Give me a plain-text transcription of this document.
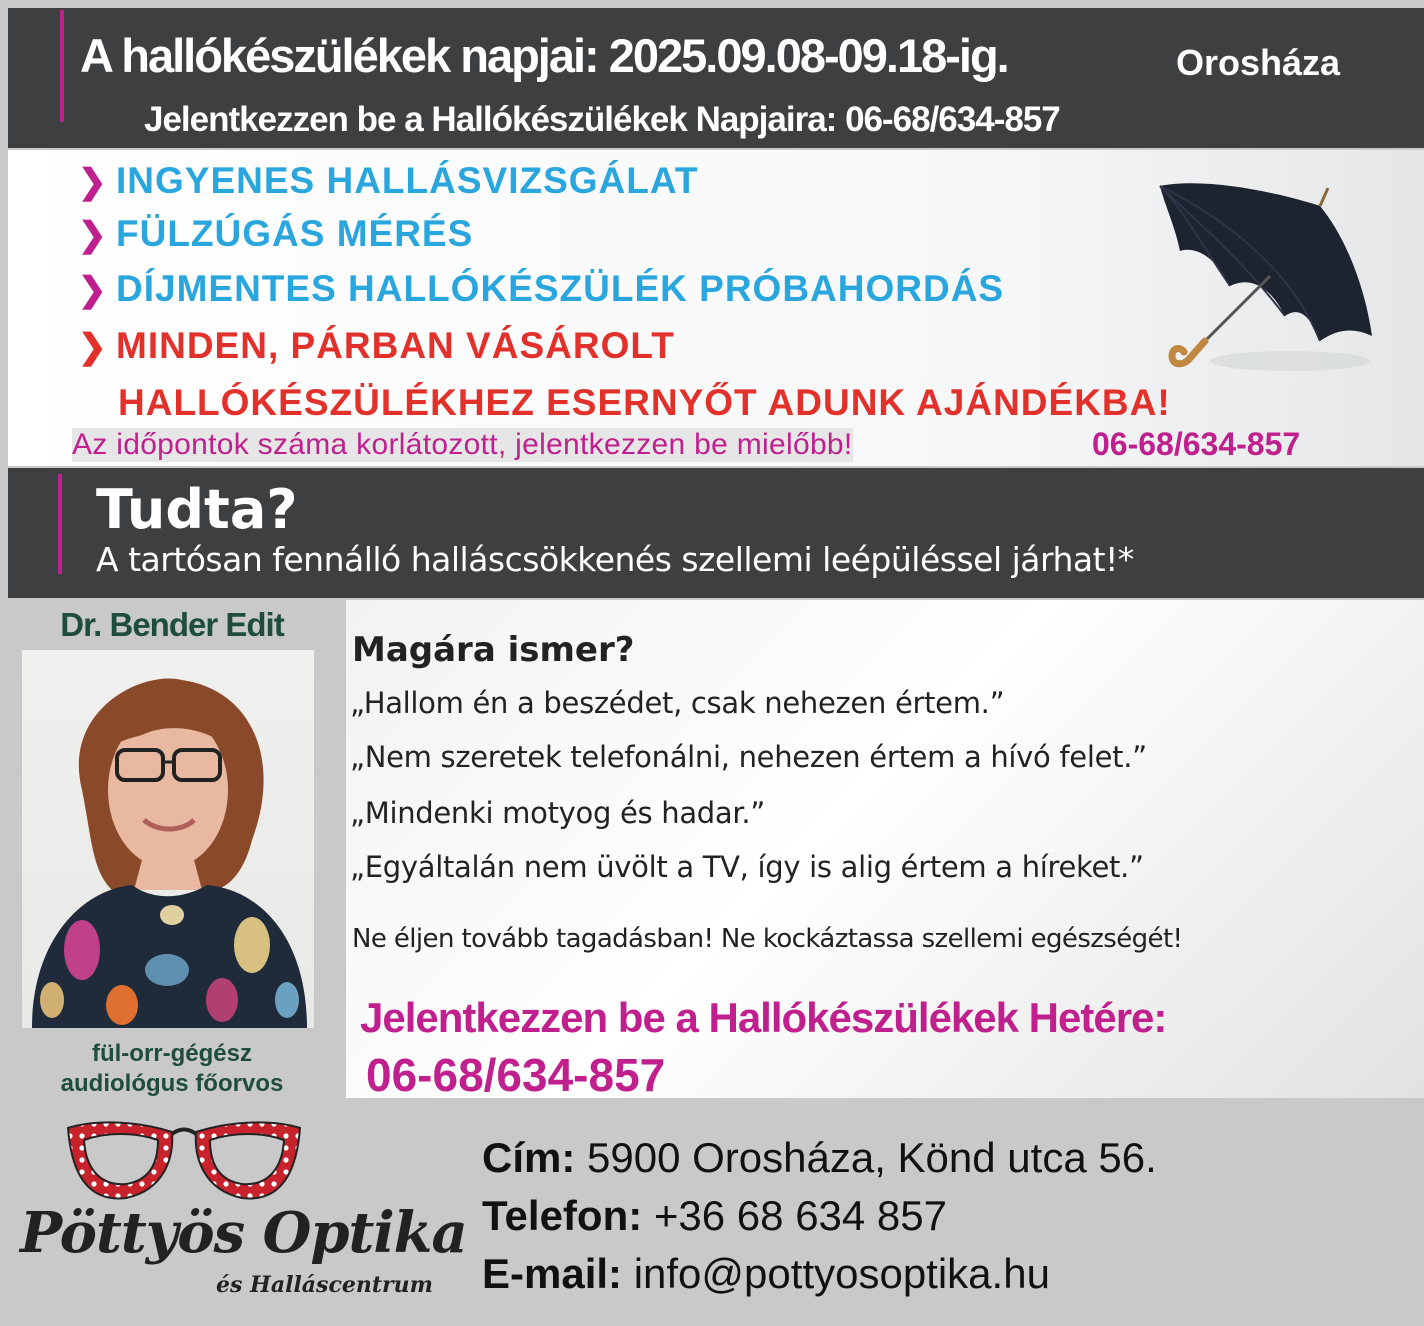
A hallókészülékek napjai: 2025.09.08-09.18-ig.	Orosháza
Jelentkezzen be a Hallókészülékek Napjaira: 06-68/634-857
❯ INGYENES HALLÁSVIZSGÁLAT
❯ FÜLZÚGÁS MÉRÉS
❯ DÍJMENTES HALLÓKÉSZÜLÉK PRÓBAHORDÁS
❯ MINDEN, PÁRBAN VÁSÁROLT
HALLÓKÉSZÜLÉKHEZ ESERNYŐT ADUNK AJÁNDÉKBA!
Az időpontok száma korlátozott, jelentkezzen be mielőbb!	06-68/634-857
Tudta?
A tartósan fennálló halláscsökkenés szellemi leépüléssel járhat!*
Dr. Bender Edit
fül-orr-gégész
audiológus főorvos
Magára ismer?
„Hallom én a beszédet, csak nehezen értem.”
„Nem szeretek telefonálni, nehezen értem a hívó felet.”
„Mindenki motyog és hadar.”
„Egyáltalán nem üvölt a TV, így is alig értem a híreket.”
Ne éljen tovább tagadásban! Ne kockáztassa szellemi egészségét!
Jelentkezzen be a Hallókészülékek Hetére:
06-68/634-857
Pöttyös Optika
és Halláscentrum
Cím: 5900 Orosháza, Könd utca 56.
Telefon: +36 68 634 857
E-mail: info@pottyosoptika.hu
